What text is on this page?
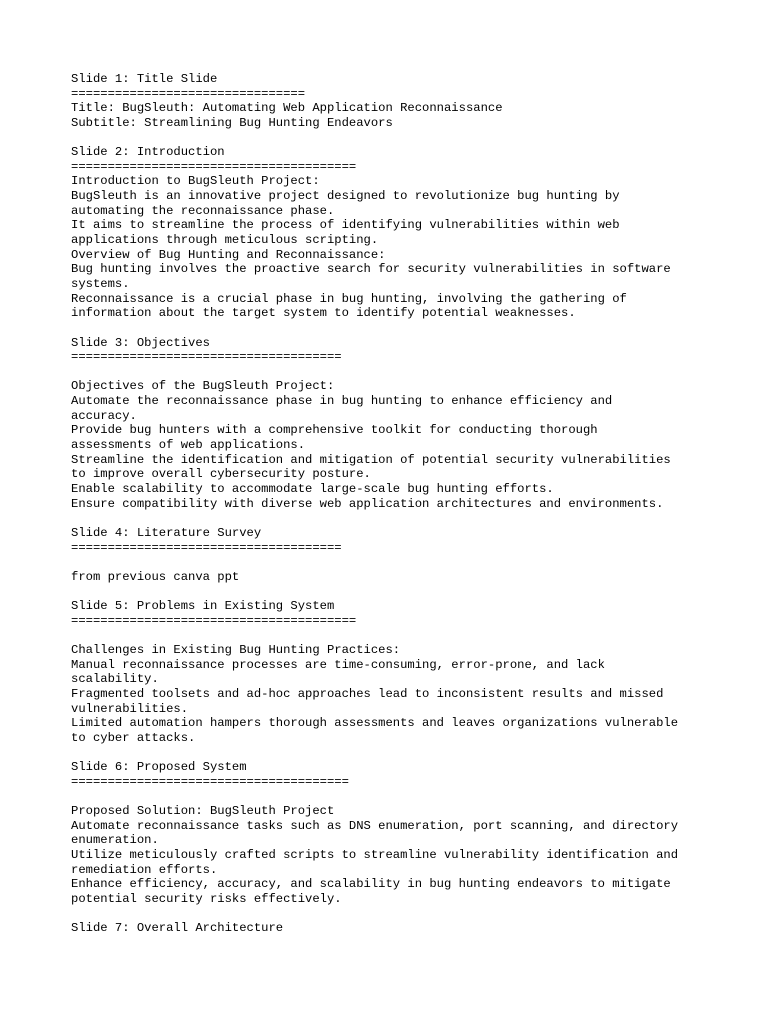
Slide 1: Title Slide
================================
Title: BugSleuth: Automating Web Application Reconnaissance
Subtitle: Streamlining Bug Hunting Endeavors
Slide 2: Introduction
=======================================
Introduction to BugSleuth Project:
BugSleuth is an innovative project designed to revolutionize bug hunting by
automating the reconnaissance phase.
It aims to streamline the process of identifying vulnerabilities within web
applications through meticulous scripting.
Overview of Bug Hunting and Reconnaissance:
Bug hunting involves the proactive search for security vulnerabilities in software
systems.
Reconnaissance is a crucial phase in bug hunting, involving the gathering of
information about the target system to identify potential weaknesses.
Slide 3: Objectives
=====================================
Objectives of the BugSleuth Project:
Automate the reconnaissance phase in bug hunting to enhance efficiency and
accuracy.
Provide bug hunters with a comprehensive toolkit for conducting thorough
assessments of web applications.
Streamline the identification and mitigation of potential security vulnerabilities
to improve overall cybersecurity posture.
Enable scalability to accommodate large-scale bug hunting efforts.
Ensure compatibility with diverse web application architectures and environments.
Slide 4: Literature Survey
=====================================
from previous canva ppt
Slide 5: Problems in Existing System
=======================================
Challenges in Existing Bug Hunting Practices:
Manual reconnaissance processes are time-consuming, error-prone, and lack
scalability.
Fragmented toolsets and ad-hoc approaches lead to inconsistent results and missed
vulnerabilities.
Limited automation hampers thorough assessments and leaves organizations vulnerable
to cyber attacks.
Slide 6: Proposed System
======================================
Proposed Solution: BugSleuth Project
Automate reconnaissance tasks such as DNS enumeration, port scanning, and directory
enumeration.
Utilize meticulously crafted scripts to streamline vulnerability identification and
remediation efforts.
Enhance efficiency, accuracy, and scalability in bug hunting endeavors to mitigate
potential security risks effectively.
Slide 7: Overall Architecture
